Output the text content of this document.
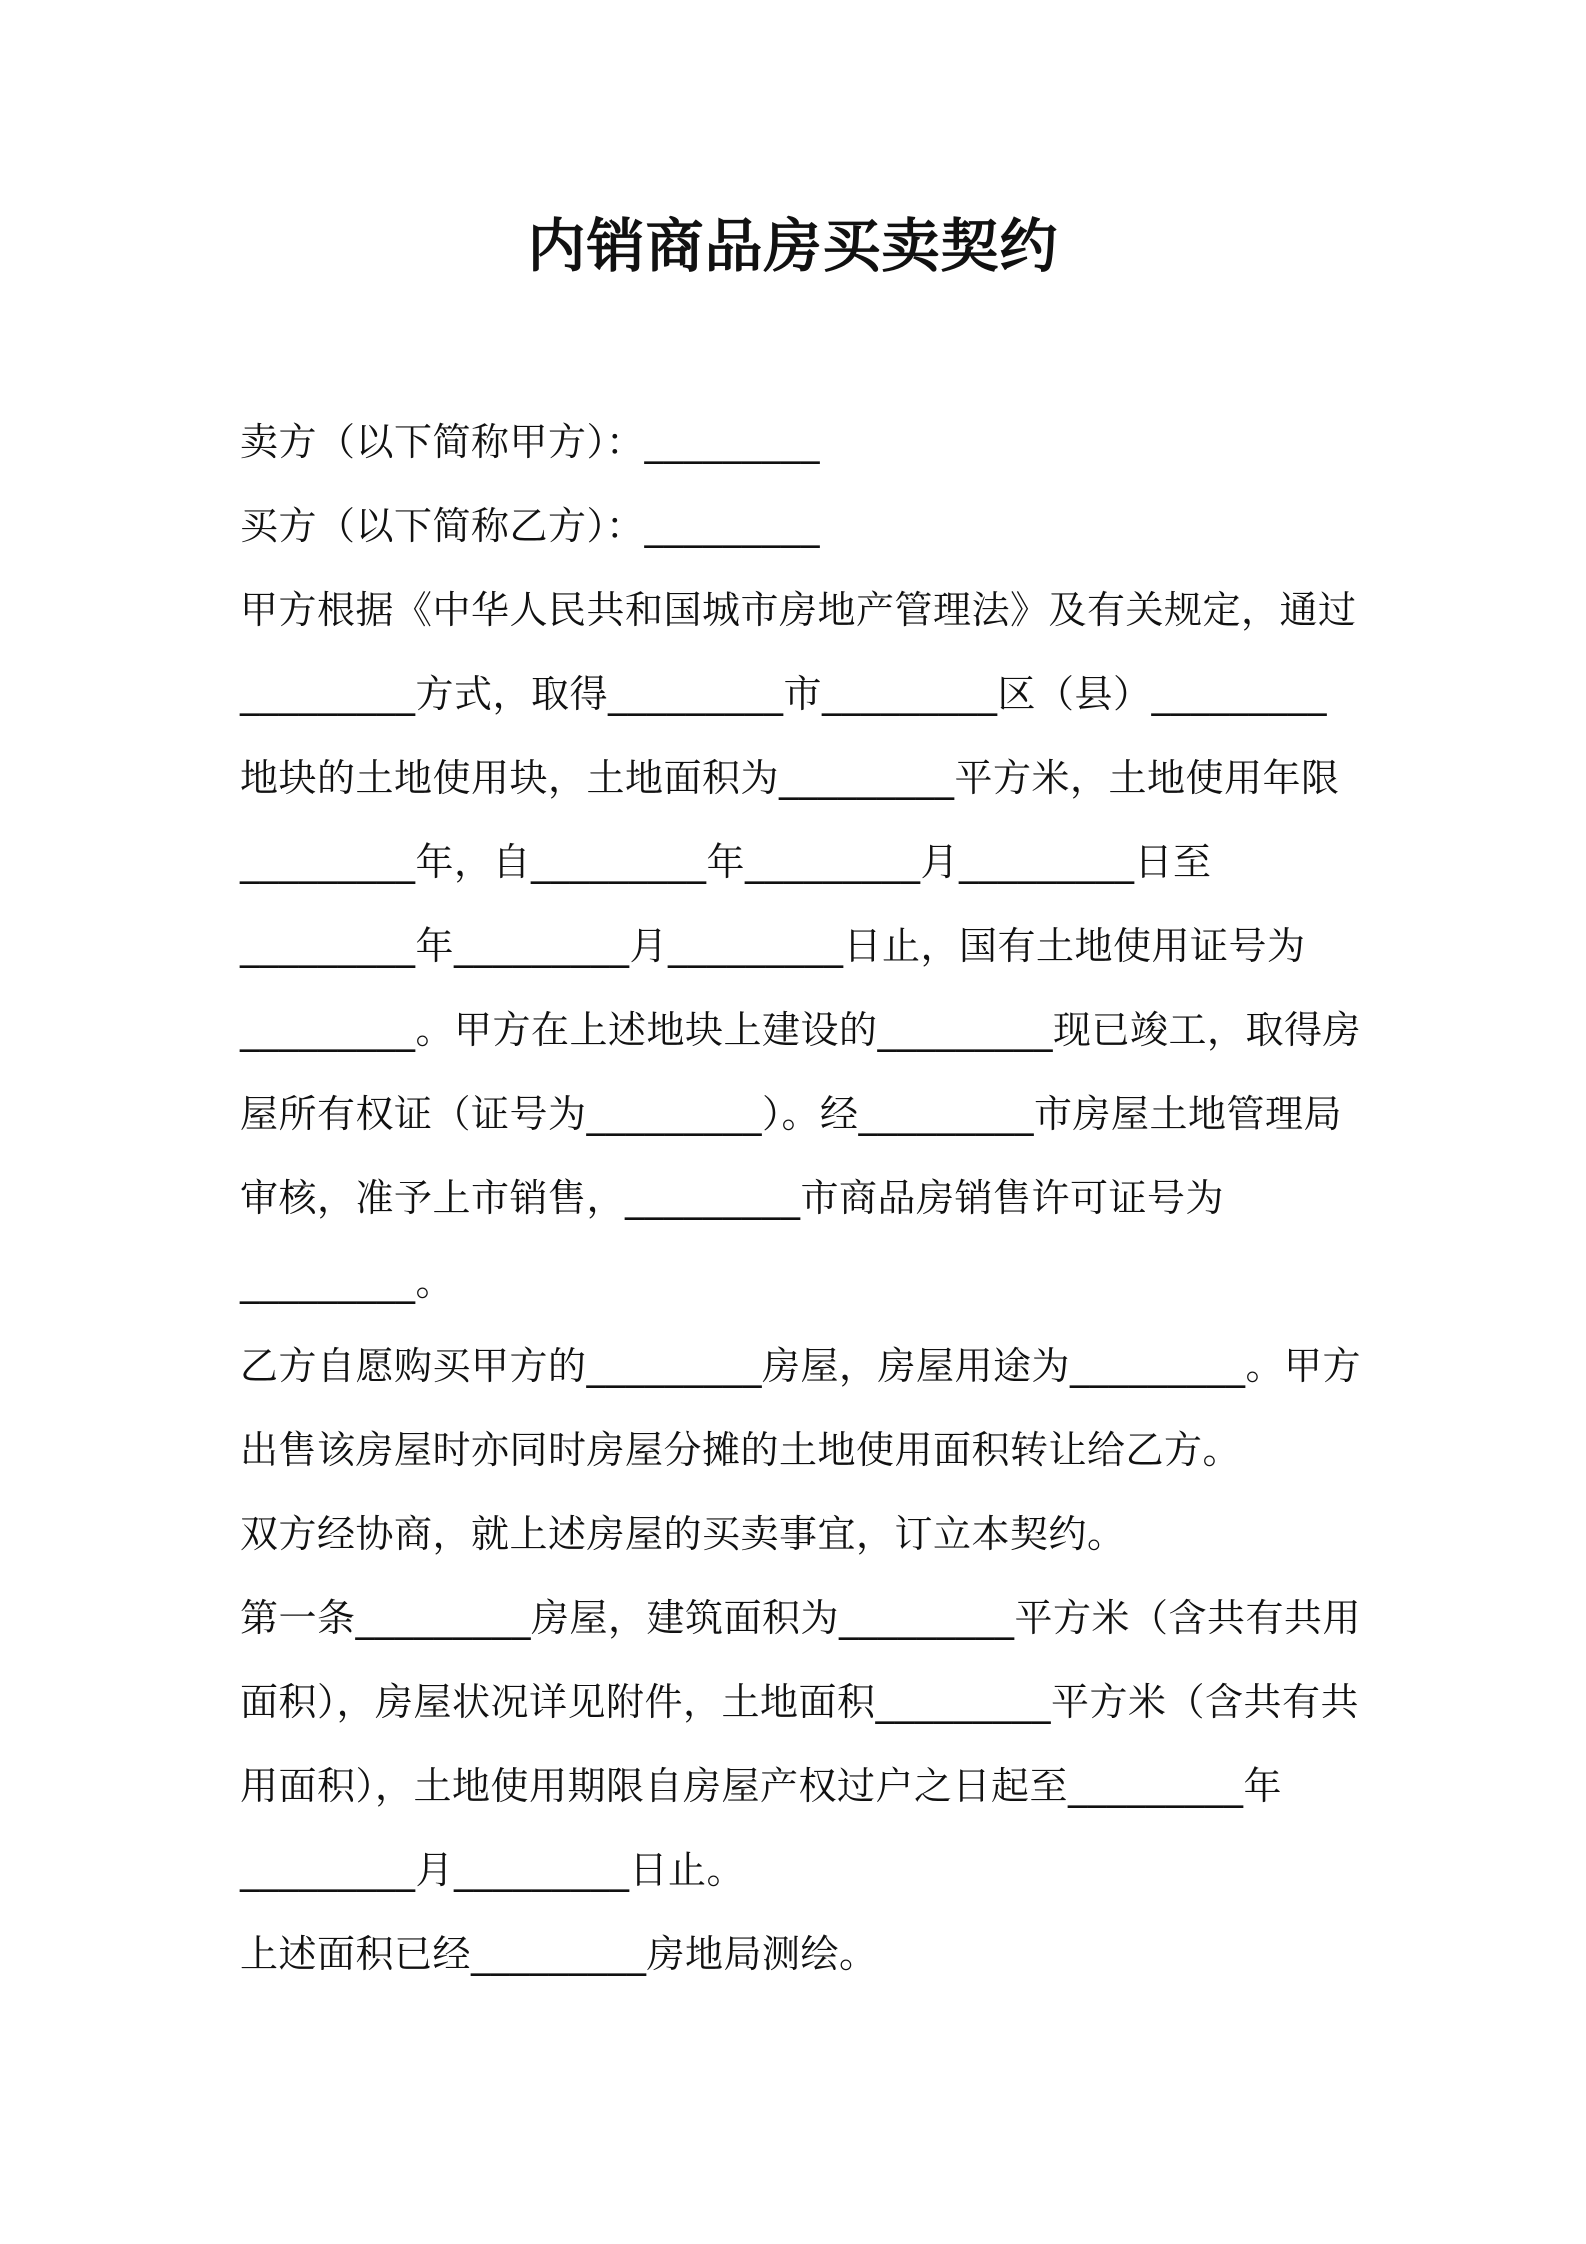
内销商品房买卖契约
卖方（以下简称甲方）：_________
买方（以下简称乙方）：_________
甲方根据《中华人民共和国城市房地产管理法》及有关规定，通过
_________方式，取得_________市_________区（县）_________
地块的土地使用块，土地面积为_________平方米，土地使用年限
_________年，自_________年_________月_________日至
_________年_________月_________日止，国有土地使用证号为
_________。甲方在上述地块上建设的_________现已竣工，取得房
屋所有权证（证号为_________）。经_________市房屋土地管理局
审核，准予上市销售，_________市商品房销售许可证号为
_________。
乙方自愿购买甲方的_________房屋，房屋用途为_________。甲方
出售该房屋时亦同时房屋分摊的土地使用面积转让给乙方。
双方经协商，就上述房屋的买卖事宜，订立本契约。
第一条_________房屋，建筑面积为_________平方米（含共有共用
面积），房屋状况详见附件，土地面积_________平方米（含共有共
用面积），土地使用期限自房屋产权过户之日起至_________年
_________月_________日止。
上述面积已经_________房地局测绘。
